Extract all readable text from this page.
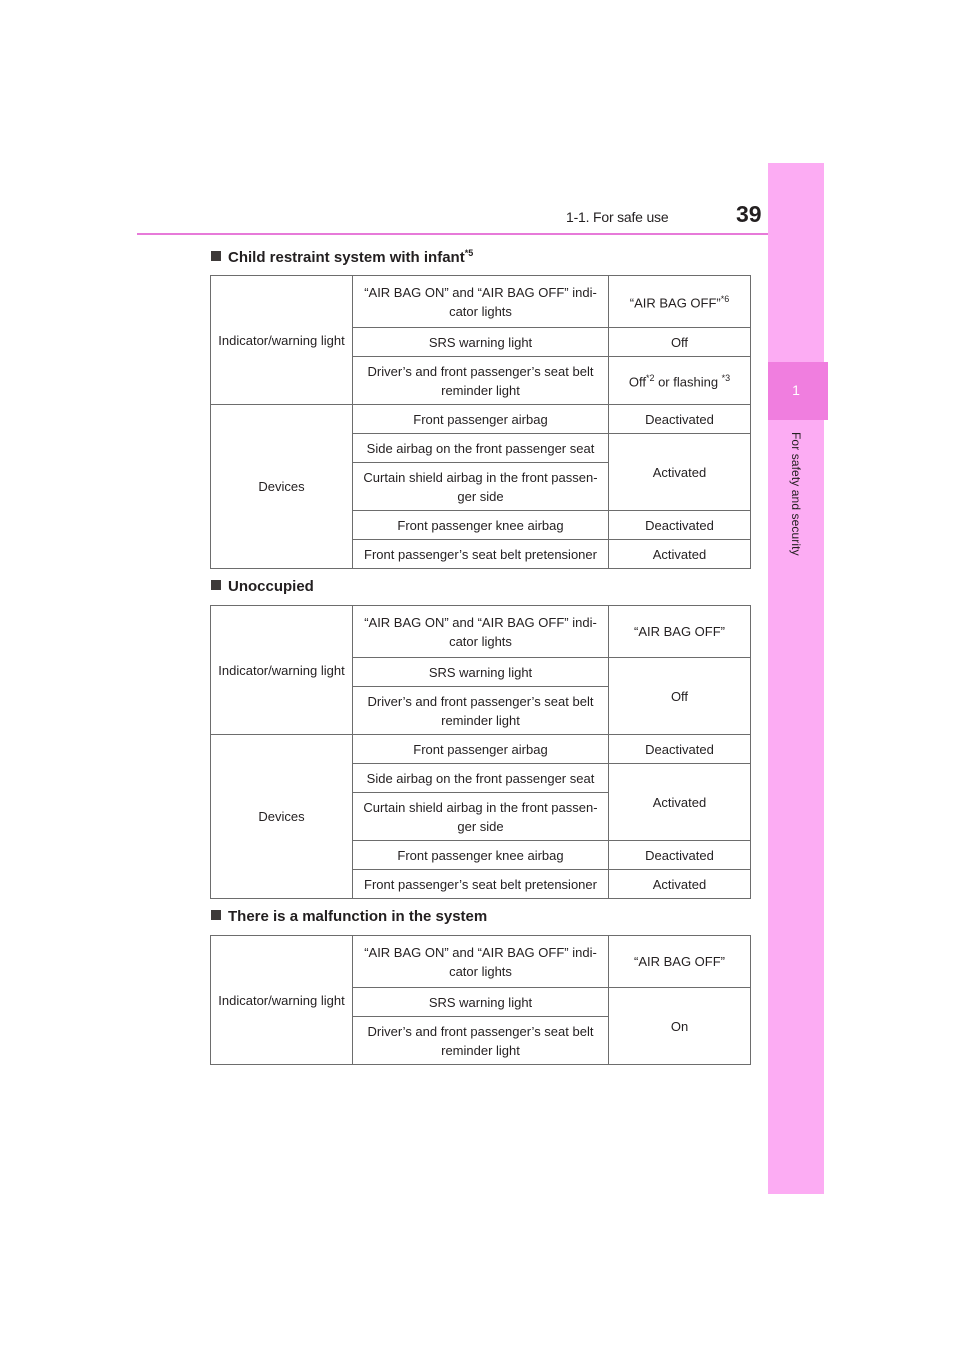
1-1. For safe use	39
1
For safety and security
Child restraint system with infant$^{*5}$
Indicator/warning light	“AIR BAG ON” and “AIR BAG OFF” indi-cator lights	“AIR BAG OFF”$^{*6}$
	SRS warning light	Off
	Driver’s and front passenger’s seat belt reminder light	Off$^{*2}$ or flashing $^{*3}$
Devices	Front passenger airbag	Deactivated
	Side airbag on the front passenger seat	Activated
	Curtain shield airbag in the front passen-ger side	
	Front passenger knee airbag	Deactivated
	Front passenger’s seat belt pretensioner	Activated
Unoccupied
Indicator/warning light	“AIR BAG ON” and “AIR BAG OFF” indi-cator lights	“AIR BAG OFF”
	SRS warning light	Off
	Driver’s and front passenger’s seat belt reminder light	
Devices	Front passenger airbag	Deactivated
	Side airbag on the front passenger seat	Activated
	Curtain shield airbag in the front passen-ger side	
	Front passenger knee airbag	Deactivated
	Front passenger’s seat belt pretensioner	Activated
There is a malfunction in the system
Indicator/warning light	“AIR BAG ON” and “AIR BAG OFF” indi-cator lights	“AIR BAG OFF”
	SRS warning light	On
	Driver’s and front passenger’s seat belt reminder light	
